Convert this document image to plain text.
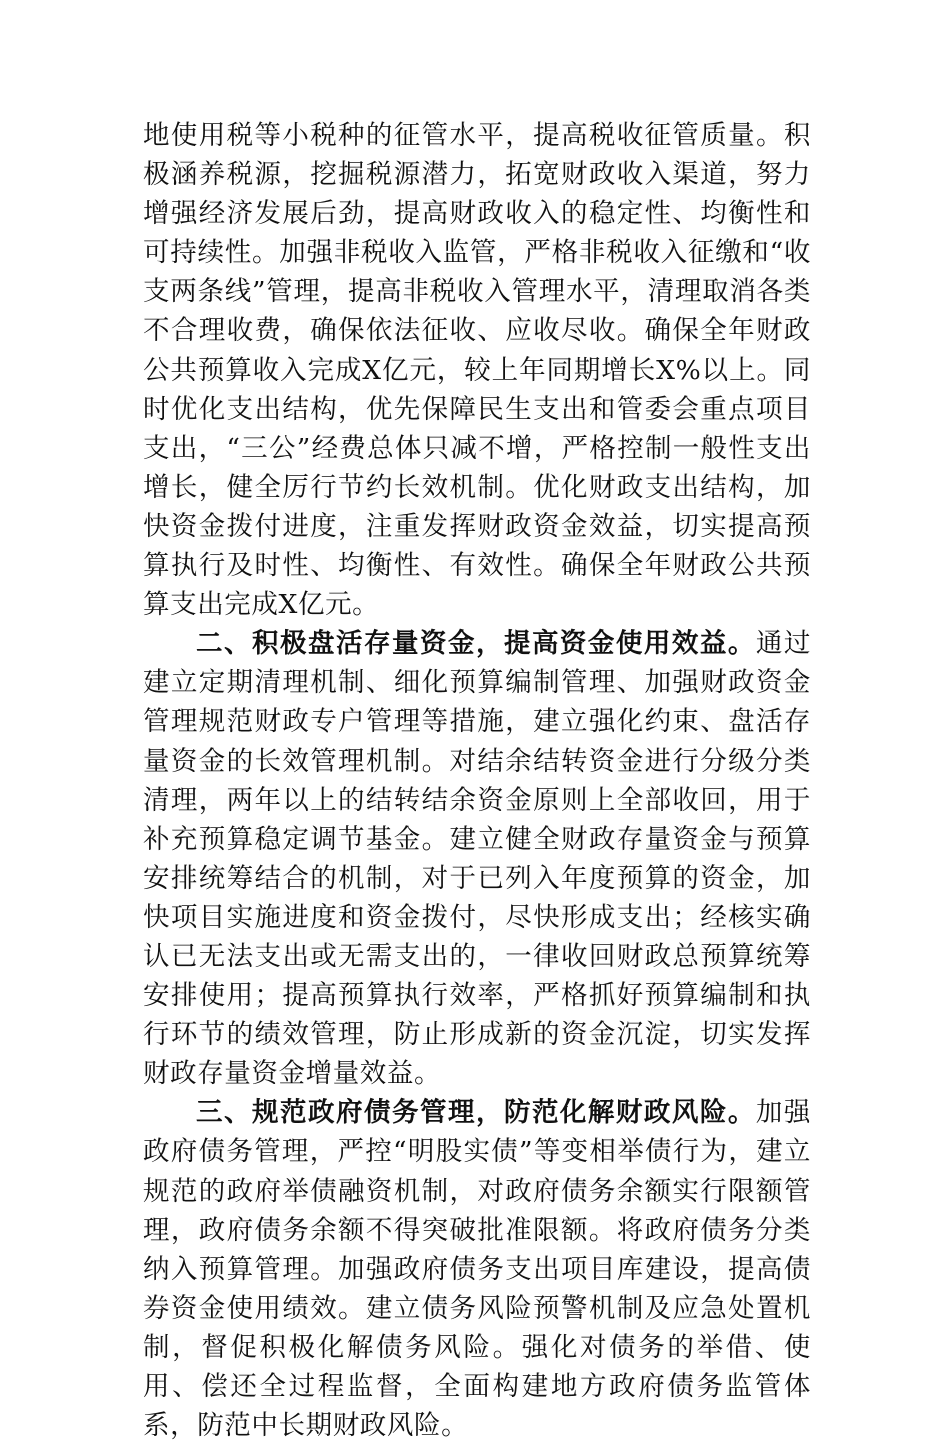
地使用税等小税种的征管水平，提高税收征管质量。积极涵养税源，挖掘税源潜力，拓宽财政收入渠道，努力增强经济发展后劲，提高财政收入的稳定性、均衡性和可持续性。加强非税收入监管，严格非税收入征缴和“收支两条线”管理，提高非税收入管理水平，清理取消各类不合理收费，确保依法征收、应收尽收。确保全年财政公共预算收入完成X亿元，较上年同期增长X%以上。同时优化支出结构，优先保障民生支出和管委会重点项目支出，“三公”经费总体只减不增，严格控制一般性支出增长，健全厉行节约长效机制。优化财政支出结构，加快资金拨付进度，注重发挥财政资金效益，切实提高预算执行及时性、均衡性、有效性。确保全年财政公共预算支出完成X亿元。

二、积极盘活存量资金，提高资金使用效益。通过建立定期清理机制、细化预算编制管理、加强财政资金管理规范财政专户管理等措施，建立强化约束、盘活存量资金的长效管理机制。对结余结转资金进行分级分类清理，两年以上的结转结余资金原则上全部收回，用于补充预算稳定调节基金。建立健全财政存量资金与预算安排统筹结合的机制，对于已列入年度预算的资金，加快项目实施进度和资金拨付，尽快形成支出；经核实确认已无法支出或无需支出的，一律收回财政总预算统筹安排使用；提高预算执行效率，严格抓好预算编制和执行环节的绩效管理，防止形成新的资金沉淀，切实发挥财政存量资金增量效益。

三、规范政府债务管理，防范化解财政风险。加强政府债务管理，严控“明股实债”等变相举债行为，建立规范的政府举债融资机制，对政府债务余额实行限额管理，政府债务余额不得突破批准限额。将政府债务分类纳入预算管理。加强政府债务支出项目库建设，提高债券资金使用绩效。建立债务风险预警机制及应急处置机制，督促积极化解债务风险。强化对债务的举借、使用、偿还全过程监督，全面构建地方政府债务监管体系，防范中长期财政风险。
